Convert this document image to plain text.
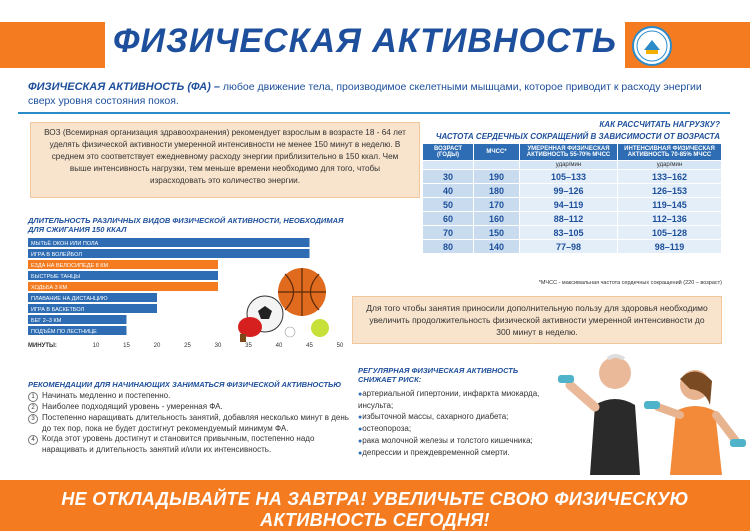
ФИЗИЧЕСКАЯ АКТИВНОСТЬ
ФИЗИЧЕСКАЯ АКТИВНОСТЬ (ФА) – любое движение тела, производимое скелетными мышцами, которое приводит к расходу энергии сверх уровня состояния покоя.
ВОЗ (Всемирная организация здравоохранения) рекомендует взрослым в возрасте 18 - 64 лет уделять физической активности умеренной интенсивности не менее 150 минут в неделю. В среднем это соответствует ежедневному расходу энергии приблизительно в 150 ккал. Чем выше интенсивность нагрузки, тем меньше времени необходимо для того, чтобы израсходовать это количество энергии.
КАК РАССЧИТАТЬ НАГРУЗКУ?
ЧАСТОТА СЕРДЕЧНЫХ СОКРАЩЕНИЙ В ЗАВИСИМОСТИ ОТ ВОЗРАСТА
ВОЗРАСТ (ГОДЫ)	МЧСС*	УМЕРЕННАЯ ФИЗИЧЕСКАЯ АКТИВНОСТЬ 55-70% МЧСС	ИНТЕНСИВНАЯ ФИЗИЧЕСКАЯ АКТИВНОСТЬ 70-85% МЧСС
		удар/мин	удар/мин
30	190	105–133	133–162
40	180	99–126	126–153
50	170	94–119	119–145
60	160	88–112	112–136
70	150	83–105	105–128
80	140	77–98	98–119
*МЧСС - максимальная частота сердечных сокращений (220 – возраст)
ДЛИТЕЛЬНОСТЬ РАЗЛИЧНЫХ ВИДОВ ФИЗИЧЕСКОЙ АКТИВНОСТИ, НЕОБХОДИМАЯ ДЛЯ СЖИГАНИЯ 150 ККАЛ
МЫТЬЁ ОКОН ИЛИ ПОЛА
ИГРА В ВОЛЕЙБОЛ
ЕЗДА НА ВЕЛОСИПЕДЕ 8 КМ
БЫСТРЫЕ ТАНЦЫ
ХОДЬБА 3 КМ
ПЛАВАНИЕ НА ДИСТАНЦИЮ
ИГРА В БАСКЕТБОЛ
БЕГ 2–3 КМ
ПОДЪЁМ ПО ЛЕСТНИЦЕ
МИНУТЫ:	10	15	20	25	30	35	40	45	50
Для того чтобы занятия приносили дополнительную пользу для здоровья необходимо увеличить продолжительность физической активности умеренной интенсивности до 300 минут в неделю.
РЕКОМЕНДАЦИИ ДЛЯ НАЧИНАЮЩИХ ЗАНИМАТЬСЯ ФИЗИЧЕСКОЙ АКТИВНОСТЬЮ
1 Начинать медленно и постепенно.
2 Наиболее подходящий уровень - умеренная ФА.
3 Постепенно наращивать длительность занятий, добавляя несколько минут в день до тех пор, пока не будет достигнут рекомендуемый минимум ФА.
4 Когда этот уровень достигнут и становится привычным, постепенно надо наращивать и длительность занятий и/или их интенсивность.
РЕГУЛЯРНАЯ ФИЗИЧЕСКАЯ АКТИВНОСТЬ СНИЖАЕТ РИСК:
● артериальной гипертонии, инфаркта миокарда, инсульта;
● избыточной массы, сахарного диабета;
● остеопороза;
● рака молочной железы и толстого кишечника;
● депрессии и преждевременной смерти.
НЕ ОТКЛАДЫВАЙТЕ НА ЗАВТРА! УВЕЛИЧЬТЕ СВОЮ ФИЗИЧЕСКУЮ АКТИВНОСТЬ СЕГОДНЯ!
